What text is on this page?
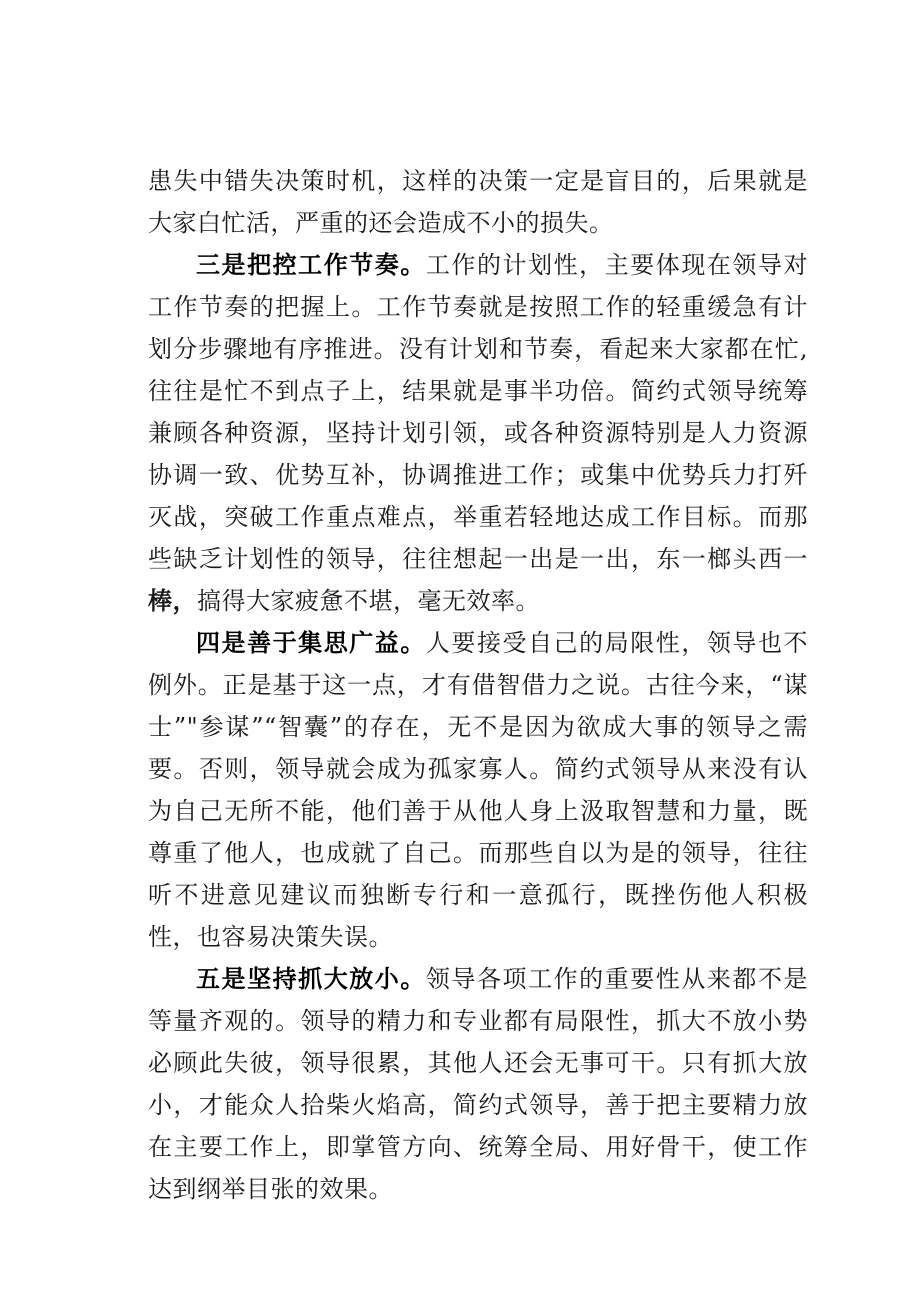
患失中错失决策时机，这样的决策一定是盲目的，后果就是大家白忙活，严重的还会造成不小的损失。

三是把控工作节奏。工作的计划性，主要体现在领导对工作节奏的把握上。工作节奏就是按照工作的轻重缓急有计划分步骤地有序推进。没有计划和节奏，看起来大家都在忙,往往是忙不到点子上，结果就是事半功倍。简约式领导统筹兼顾各种资源，坚持计划引领，或各种资源特别是人力资源协调一致、优势互补，协调推进工作；或集中优势兵力打歼灭战，突破工作重点难点，举重若轻地达成工作目标。而那些缺乏计划性的领导，往往想起一出是一出，东一榔头西一棒，搞得大家疲惫不堪，毫无效率。

四是善于集思广益。人要接受自己的局限性，领导也不例外。正是基于这一点，才有借智借力之说。古往今来，“谋士”"参谋”“智囊”的存在，无不是因为欲成大事的领导之需要。否则，领导就会成为孤家寡人。简约式领导从来没有认为自己无所不能，他们善于从他人身上汲取智慧和力量，既尊重了他人，也成就了自己。而那些自以为是的领导，往往听不进意见建议而独断专行和一意孤行，既挫伤他人积极性，也容易决策失误。

五是坚持抓大放小。领导各项工作的重要性从来都不是等量齐观的。领导的精力和专业都有局限性，抓大不放小势必顾此失彼，领导很累，其他人还会无事可干。只有抓大放小，才能众人拾柴火焰高，简约式领导，善于把主要精力放在主要工作上，即掌管方向、统筹全局、用好骨干，使工作达到纲举目张的效果。
